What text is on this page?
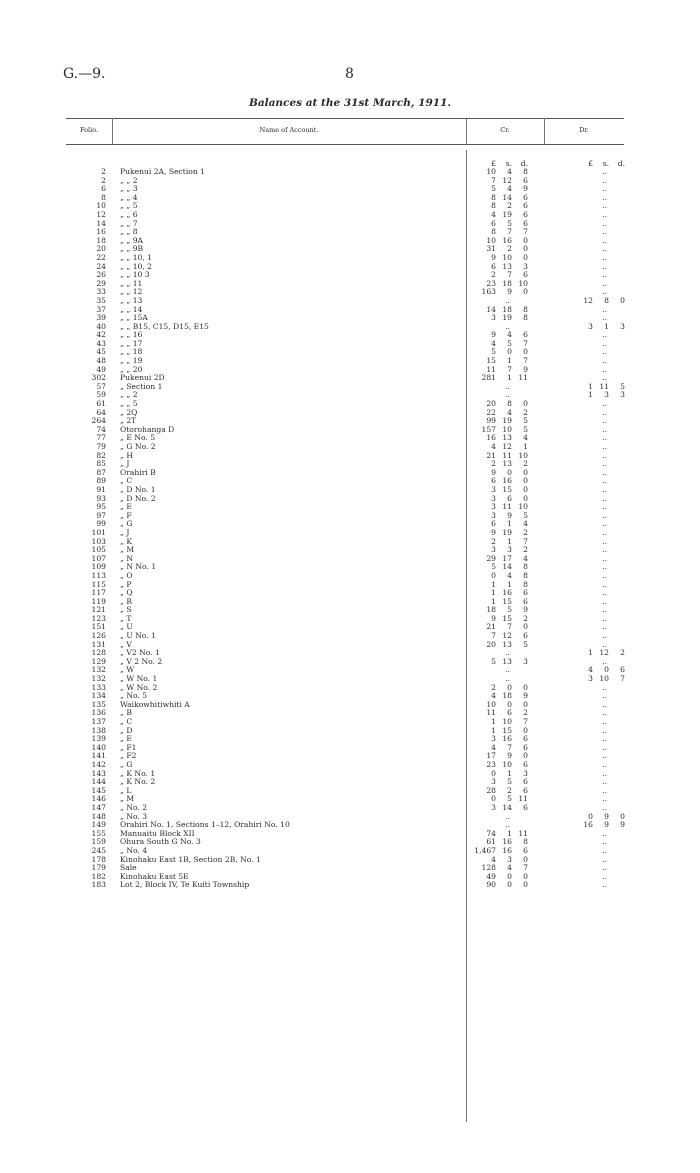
G.—9.	8
Balances at the 31st March, 1911.
Folio.	Name of Account.	Cr.	Dr.
£ s. d.	£ s. d.
2 Pukenui 2A, Section 1	10 4 8	..
2 „ „ 2	7 12 6	..
6 „ „ 3	5 4 9	..
8 „ „ 4	8 14 6	..
10 „ „ 5	8 2 6	..
12 „ „ 6	4 19 6	..
14 „ „ 7	6 5 6	..
16 „ „ 8	8 7 7	..
18 „ „ 9A	10 16 0	..
20 „ „ 9B	31 2 0	..
22 „ „ 10, 1	9 10 0	..
24 „ „ 10, 2	6 13 3	..
26 „ „ 10 3	2 7 6	..
29 „ „ 11	23 18 10	..
33 „ „ 12	163 9 0	..
35 „ „ 13	..	12 8 0
37 „ „ 14	14 18 8	..
39 „ „ 15A	3 19 8	..
40 „ „ B15, C15, D15, E15	..	3 1 3
42 „ „ 16	9 4 6	..
43 „ „ 17	4 5 7	..
45 „ „ 18	5 0 0	..
48 „ „ 19	15 1 7	..
49 „ „ 20	11 7 9	..
302 Pukenui 2D	281 1 11	..
57 „ Section 1	..	1 11 5
59 „ „ 2	..	1 3 3
61 „ „ 5	20 8 0	..
64 „ 2Q	22 4 2	..
264 „ 2T	99 19 5	..
74 Otorohanga D	157 10 5	..
77 „ E No. 5	16 13 4	..
79 „ G No. 2	4 12 1	..
82 „ H	21 11 10	..
85 „ J	2 13 2	..
87 Orahiri B	9 0 0	..
89 „ C	6 16 0	..
91 „ D No. 1	3 15 0	..
93 „ D No. 2	3 6 0	..
95 „ E	3 11 10	..
97 „ F	3 9 5	..
99 „ G	6 1 4	..
101 „ J	9 19 2	..
103 „ K	2 1 7	..
105 „ M	3 3 2	..
107 „ N	29 17 4	..
109 „ N No. 1	5 14 8	..
113 „ O	0 4 8	..
115 „ P	1 1 8	..
117 „ Q	1 16 6	..
119 „ R	1 15 6	..
121 „ S	18 5 9	..
123 „ T	9 15 2	..
151 „ U	21 7 0	..
126 „ U No. 1	7 12 6	..
131 „ V	20 13 5	..
128 „ V2 No. 1	..	1 12 2
129 „ V 2 No. 2	5 13 3	..
132 „ W	..	4 0 6
132 „ W No. 1	..	3 10 7
133 „ W No. 2	2 0 0	..
134 „ No. 5	4 18 9	..
135 Waikowhitiwhiti A	10 0 0	..
136 „ B	11 6 2	..
137 „ C	1 10 7	..
138 „ D	1 15 0	..
139 „ E	3 16 6	..
140 „ F1	4 7 6	..
141 „ F2	17 9 0	..
142 „ G	23 10 6	..
143 „ K No. 1	0 1 3	..
144 „ K No. 2	3 5 6	..
145 „ L	28 2 6	..
146 „ M	0 5 11	..
147 „ No. 2	3 14 6	..
148 „ No. 3	..	0 9 0
149 Orahiri No. 1, Sections 1–12, Orahiri No. 10	..	16 9 9
155 Manuaitu Block XII	74 1 11	..
159 Ohura South G No. 3	61 16 8	..
245 „ No. 4	1,467 16 6	..
178 Kinohaku East 1B, Section 2B, No. 1	4 3 0	..
179 Sale	128 4 7	..
182 Kinohaku East 5E	49 0 0	..
183 Lot 2, Block IV, Te Kuiti Township	90 0 0	..
